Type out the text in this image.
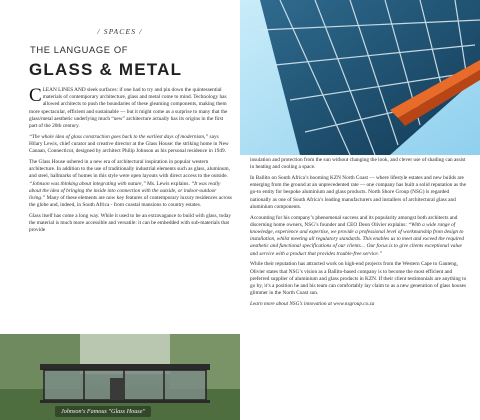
/ SPACES /
THE LANGUAGE OF
GLASS & METAL

C LEAN LINES AND sleek surfaces: if one had to try and pin down the quintessential materials of contemporary architecture, glass and metal come to mind. Technology has allowed architects to push the boundaries of these gleaming components, making them more spectacular, efficient and sustainable — but it might come as a surprise to many that the glass/metal aesthetic underlying much “new” architecture actually has its origins in the first part of the 20th century.

“The whole idea of glass construction goes back to the earliest days of modernism,” says Hilary Lewis, chief curator and creative director at the Glass House: the striking home in New Canaan, Connecticut, designed by architect Philip Johnson as his personal residence in 1949.

The Glass House ushered in a new era of architectural inspiration in popular western architecture. In addition to the use of traditionally industrial elements such as glass, aluminum, and steel, hallmarks of homes in this style were open layouts with direct access to the outside. “Johnson was thinking about integrating with nature,” Ms. Lewis explains. “It was really about the idea of bringing the inside into connection with the outside, or indoor-outdoor living.” Many of these elements are now key features of contemporary luxury residences across the globe and, indeed, in South Africa - from coastal mansions to country estates.

Glass itself has come a long way. While it used to be an extravagance to build with glass, today the material is much more accessible and versatile: it can be embedded with sub-materials that provide

Johnson's Famous "Glass House"

insulation and protection from the sun without changing the look, and clever use of shading can assist in heating and cooling a space.

In Ballito on South Africa’s booming KZN North Coast — where lifestyle estates and new builds are emerging from the ground at an unprecedented rate — one company has built a solid reputation as the go-to entity for bespoke aluminium and glass products. North Shore Group (NSG) is regarded nationally as one of South Africa’s leading manufacturers and installers of architectural glass and aluminium components.

Accounting for his company’s phenomenal success and its popularity amongst both architects and discerning home owners, NSG’s founder and CEO Deon Olivier explains: “With a wide range of knowledge, experience and expertise, we provide a professional level of workmanship from design to installation, whilst meeting all regulatory standards. This enables us to meet and exceed the required aesthetic and functional specifications of our clients… Our focus is to give clients exceptional value and service with a product that provides trouble-free service.”

While their reputation has attracted work on high-end projects from the Western Cape to Gauteng, Olivier states that NSG’s vision as a Ballito-based company is to become the most efficient and preferred supplier of aluminium and glass products in KZN. If their client testimonials are anything to go by, it’s a position he and his team can comfortably lay claim to as a new generation of glass houses glimmer in the North Coast sun.

Learn more about NSG’s innovation at www.nsgroup.co.za
